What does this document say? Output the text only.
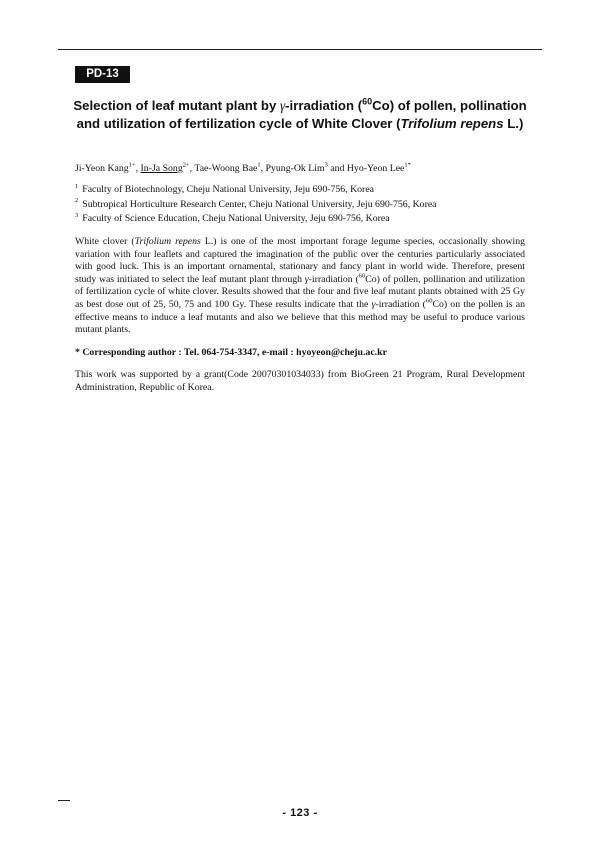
PD-13
Selection of leaf mutant plant by γ-irradiation ($^{60}$Co) of pollen, pollination and utilization of fertilization cycle of White Clover (Trifolium repens L.)
Ji-Yeon Kang$^{1+}$, In-Ja Song$^{2+}$, Tae-Woong Bae$^1$, Pyung-Ok Lim$^3$ and Hyo-Yeon Lee$^{1*}$
$^1$ Faculty of Biotechnology, Cheju National University, Jeju 690-756, Korea
$^2$ Subtropical Horticulture Research Center, Cheju National University, Jeju 690-756, Korea
$^3$ Faculty of Science Education, Cheju National University, Jeju 690-756, Korea
White clover (Trifolium repens L.) is one of the most important forage legume species, occasionally showing variation with four leaflets and captured the imagination of the public over the centuries particularly associated with good luck. This is an important ornamental, stationary and fancy plant in world wide. Therefore, present study was initiated to select the leaf mutant plant through γ-irradiation ($^{60}$Co) of pollen, pollination and utilization of fertilization cycle of white clover. Results showed that the four and five leaf mutant plants obtained with 25 Gy as best dose out of 25, 50, 75 and 100 Gy. These results indicate that the γ-irradiation ($^{60}$Co) on the pollen is an effective means to induce a leaf mutants and also we believe that this method may be useful to produce various mutant plants.
* Corresponding author : Tel. 064-754-3347, e-mail : hyoyeon@cheju.ac.kr
This work was supported by a grant(Code 20070301034033) from BioGreen 21 Program, Rural Development Administration, Republic of Korea.
- 123 -
